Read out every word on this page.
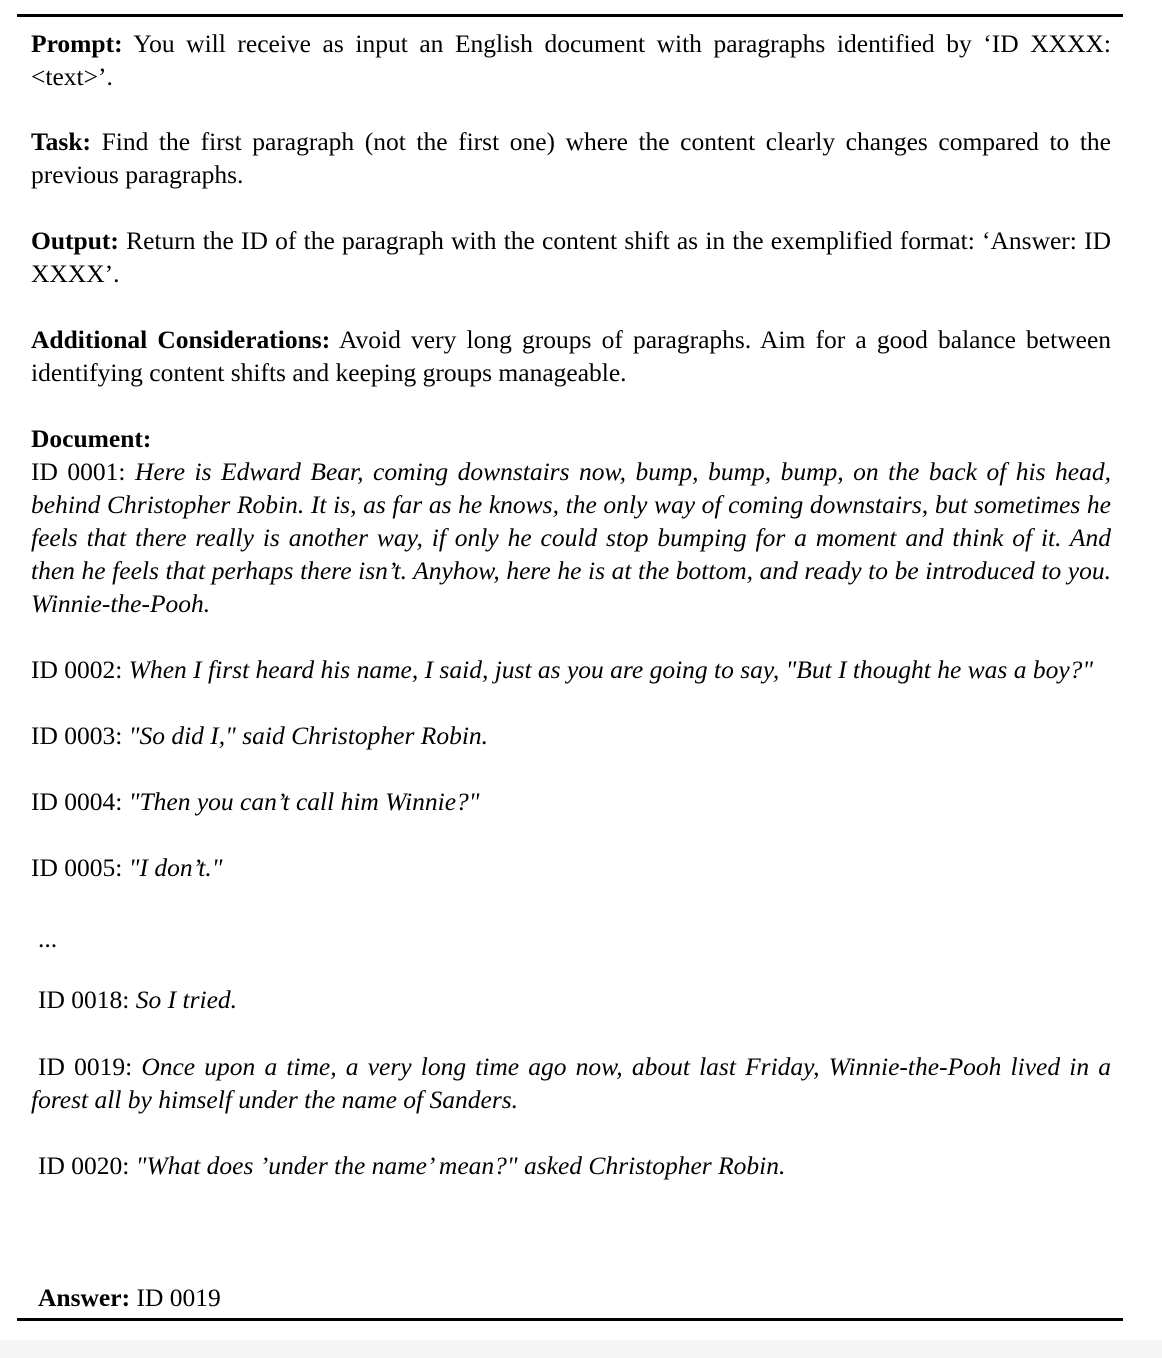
Prompt: You will receive as input an English document with paragraphs identified by ‘ID XXXX: <text>’.

Task: Find the first paragraph (not the first one) where the content clearly changes compared to the previous paragraphs.

Output: Return the ID of the paragraph with the content shift as in the exemplified format: ‘Answer: ID XXXX’.

Additional Considerations: Avoid very long groups of paragraphs. Aim for a good balance between identifying content shifts and keeping groups manageable.

Document:

ID 0001: Here is Edward Bear, coming downstairs now, bump, bump, bump, on the back of his head, behind Christopher Robin. It is, as far as he knows, the only way of coming downstairs, but sometimes he feels that there really is another way, if only he could stop bumping for a moment and think of it. And then he feels that perhaps there isn’t. Anyhow, here he is at the bottom, and ready to be introduced to you. Winnie-the-Pooh.

ID 0002: When I first heard his name, I said, just as you are going to say, "But I thought he was a boy?"

ID 0003: "So did I," said Christopher Robin.

ID 0004: "Then you can’t call him Winnie?"

ID 0005: "I don’t."

...

ID 0018: So I tried.

ID 0019: Once upon a time, a very long time ago now, about last Friday, Winnie-the-Pooh lived in a forest all by himself under the name of Sanders.

ID 0020: "What does ’under the name’ mean?" asked Christopher Robin.

Answer: ID 0019
